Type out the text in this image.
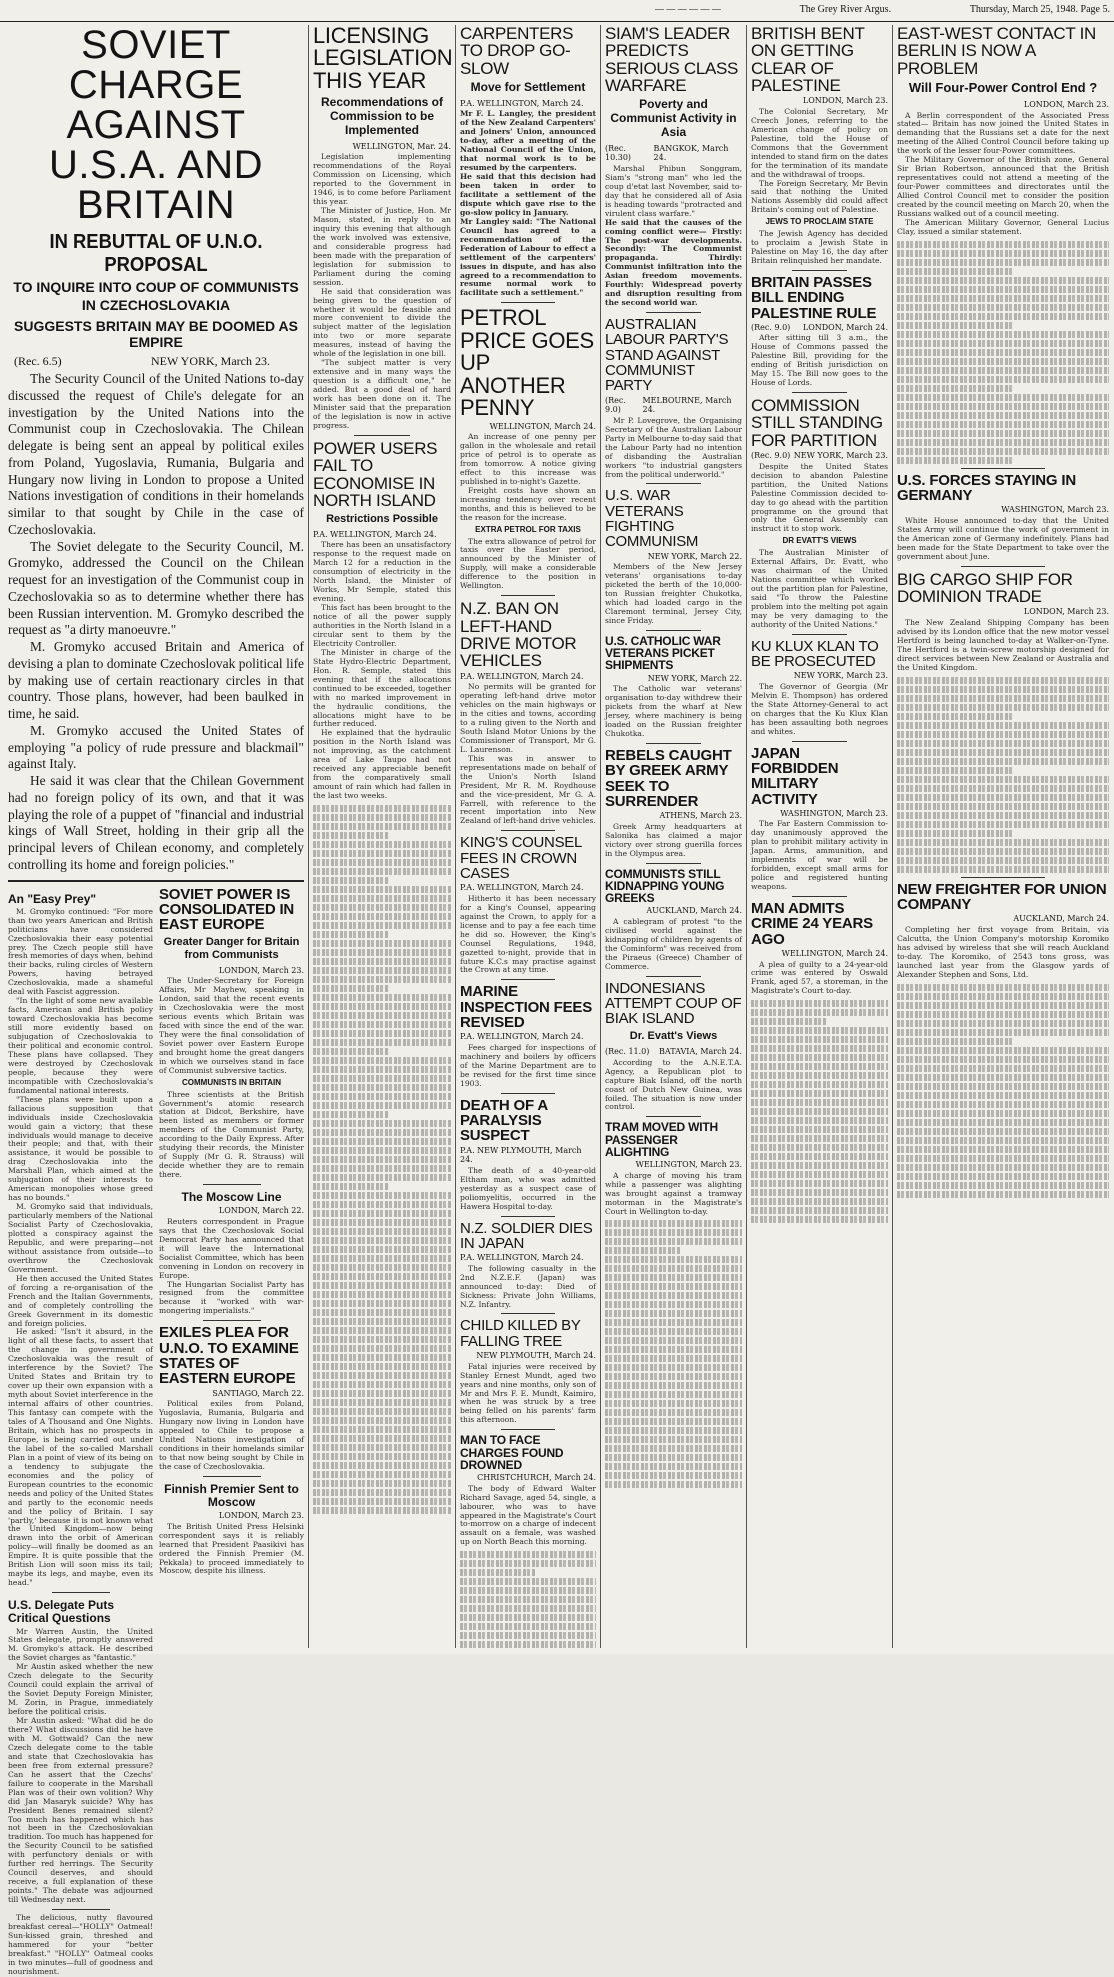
— — — — — —	The Grey River Argus.	Thursday, March 25, 1948. Page 5.
SOVIET CHARGE AGAINST U.S.A. AND BRITAIN
IN REBUTTAL OF U.N.O. PROPOSAL
TO INQUIRE INTO COUP OF COMMUNISTS IN CZECHOSLOVAKIA
SUGGESTS BRITAIN MAY BE DOOMED AS EMPIRE
(Rec. 6.5)	NEW YORK, March 23.

The Security Council of the United Nations to-day discussed the request of Chile's delegate for an investigation by the United Nations into the Communist coup in Czechoslovakia. The Chilean delegate is being sent an appeal by political exiles from Poland, Yugoslavia, Rumania, Bulgaria and Hungary now living in London to propose a United Nations investigation of conditions in their homelands similar to that sought by Chile in the case of Czechoslovakia.

The Soviet delegate to the Security Council, M. Gromyko, addressed the Council on the Chilean request for an investigation of the Communist coup in Czechoslovakia so as to determine whether there has been Russian intervention. M. Gromyko described the request as "a dirty manoeuvre."

M. Gromyko accused Britain and America of devising a plan to dominate Czechoslovak political life by making use of certain reactionary circles in that country. Those plans, however, had been baulked in time, he said.

M. Gromyko accused the United States of employing "a policy of rude pressure and blackmail" against Italy.

He said it was clear that the Chilean Government had no foreign policy of its own, and that it was playing the role of a puppet of "financial and industrial kings of Wall Street, holding in their grip all the principal levers of Chilean economy, and completely controlling its home and foreign policies."

An "Easy Prey"

M. Gromyko continued: "For more than two years American and British politicians have considered Czechoslovakia their easy potential prey. The Czech people still have fresh memories of days when, behind their backs, ruling circles of Western Powers, having betrayed Czechoslovakia, made a shameful deal with Fascist aggression.

"In the light of some new available facts, American and British policy toward Czechoslovakia has become still more evidently based on subjugation of Czechoslovakia to their political and economic control. These plans have collapsed. They were destroyed by Czechoslovak people, because they were incompatible with Czechoslovakia's fundamental national interests.

"These plans were built upon a fallacious supposition that individuals inside Czechoslovakia would gain a victory; that these individuals would manage to deceive their people; and that, with their assistance, it would be possible to drag Czechoslovakia into the Marshall Plan, which aimed at the subjugation of their interests to American monopolies whose greed has no bounds."

M. Gromyko said that individuals, particularly members of the National Socialist Party of Czechoslovakia, plotted a conspiracy against the Republic, and were preparing—not without assistance from outside—to overthrow the Czechoslovak Government.

He then accused the United States of forcing a re-organisation of the French and the Italian Governments, and of completely controlling the Greek Government in its domestic and foreign policies.

He asked: "Isn't it absurd, in the light of all these facts, to assert that the change in government of Czechoslovakia was the result of interference by the Soviet? The United States and Britain try to cover up their own expansion with a myth about Soviet interference in the internal affairs of other countries. This fantasy can compete with the tales of A Thousand and One Nights. Britain, which has no prospects in Europe, is being carried out under the label of the so-called Marshall Plan in a point of view of its being on a tendency to subjugate the economies and the policy of European countries to the economic needs and policy of the United States and partly to the economic needs and the policy of Britain. I say 'partly,' because it is not known what the United Kingdom—now being drawn into the orbit of American policy—will finally be doomed as an Empire. It is quite possible that the British Lion will soon miss its tail; maybe its legs, and maybe, even its head."

U.S. Delegate Puts Critical Questions

Mr Warren Austin, the United States delegate, promptly answered M. Gromyko's attack. He described the Soviet charges as "fantastic."

Mr Austin asked whether the new Czech delegate to the Security Council could explain the arrival of the Soviet Deputy Foreign Minister, M. Zorin, in Prague, immediately before the political crisis.

Mr Austin asked: "What did he do there? What discussions did he have with M. Gottwald? Can the new Czech delegate come to the table and state that Czechoslovakia has been free from external pressure? Can he assert that the Czechs' failure to cooperate in the Marshall Plan was of their own volition? Why did Jan Masaryk suicide? Why has President Benes remained silent? Too much has happened which has not been in the Czechoslovakian tradition. Too much has happened for the Security Council to be satisfied with perfunctory denials or with further red herrings. The Security Council deserves, and should receive, a full explanation of these points." The debate was adjourned till Wednesday next.

The delicious, nutty flavoured breakfast cereal—"HOLLY" Oatmeal! Sun-kissed grain, threshed and hammered for your "better breakfast." "HOLLY" Oatmeal cooks in two minutes—full of goodness and nourishment.

SOVIET POWER IS CONSOLIDATED IN EAST EUROPE
Greater Danger for Britain from Communists
LONDON, March 23.

The Under-Secretary for Foreign Affairs, Mr Mayhew, speaking in London, said that the recent events in Czechoslovakia were the most serious events which Britain was faced with since the end of the war. They were the final consolidation of Soviet power over Eastern Europe and brought home the great dangers in which we ourselves stand in face of Communist subversive tactics.

COMMUNISTS IN BRITAIN

Three scientists at the British Government's atomic research station at Didcot, Berkshire, have been listed as members or former members of the Communist Party, according to the Daily Express. After studying their records, the Minister of Supply (Mr G. R. Strauss) will decide whether they are to remain there.

The Moscow Line
LONDON, March 22.

Reuters correspondent in Prague says that the Czechoslovak Social Democrat Party has announced that it will leave the International Socialist Committee, which has been convening in London on recovery in Europe.

The Hungarian Socialist Party has resigned from the committee because it "worked with war-mongering imperialists."

EXILES PLEA FOR U.N.O. TO EXAMINE STATES OF EASTERN EUROPE
SANTIAGO, March 22.

Political exiles from Poland, Yugoslavia, Rumania, Bulgaria and Hungary now living in London have appealed to Chile to propose a United Nations investigation of conditions in their homelands similar to that now being sought by Chile in the case of Czechoslovakia.

Finnish Premier Sent to Moscow
LONDON, March 23.

The British United Press Helsinki correspondent says it is reliably learned that President Paasikivi has ordered the Finnish Premier (M. Pekkala) to proceed immediately to Moscow, despite his illness.

LICENSING LEGISLATION THIS YEAR
Recommendations of Commission to be Implemented
WELLINGTON, Mar. 24.

Legislation implementing recommendations of the Royal Commission on Licensing, which reported to the Government in 1946, is to come before Parliament this year.

The Minister of Justice, Hon. Mr Mason, stated, in reply to an inquiry this evening that although the work involved was extensive, and considerable progress had been made with the preparation of legislation for submission to Parliament during the coming session.

He said that consideration was being given to the question of whether it would be feasible and more convenient to divide the subject matter of the legislation into two or more separate measures, instead of having the whole of the legislation in one bill.

"The subject matter is very extensive and in many ways the question is a difficult one," he added. But a good deal of hard work has been done on it. The Minister said that the preparation of the legislation is now in active progress.

POWER USERS FAIL TO ECONOMISE IN NORTH ISLAND
Restrictions Possible
P.A. WELLINGTON, March 24.

There has been an unsatisfactory response to the request made on March 12 for a reduction in the consumption of electricity in the North Island, the Minister of Works, Mr Semple, stated this evening.

This fact has been brought to the notice of all the power supply authorities in the North Island in a circular sent to them by the Electricity Controller.

The Minister in charge of the State Hydro-Electric Department, Hon. R. Semple, stated this evening that if the allocations continued to be exceeded, together with no marked improvement in the hydraulic conditions, the allocations might have to be further reduced.

He explained that the hydraulic position in the North Island was not improving, as the catchment area of Lake Taupo had not received any appreciable benefit from the comparatively small amount of rain which had fallen in the last two weeks.

CARPENTERS TO DROP GO-SLOW
Move for Settlement
P.A. WELLINGTON, March 24.

Mr F. L. Langley, the president of the New Zealand Carpenters' and Joiners' Union, announced to-day, after a meeting of the National Council of the Union, that normal work is to be resumed by the carpenters.

He said that this decision had been taken in order to facilitate a settlement of the dispute which gave rise to the go-slow policy in January.

Mr Langley said: "The National Council has agreed to a recommendation of the Federation of Labour to effect a settlement of the carpenters' issues in dispute, and has also agreed to a recommendation to resume normal work to facilitate such a settlement."

PETROL PRICE GOES UP ANOTHER PENNY
WELLINGTON, March 24.

An increase of one penny per gallon in the wholesale and retail price of petrol is to operate as from tomorrow. A notice giving effect to this increase was published in to-night's Gazette.

Freight costs have shown an increasing tendency over recent months, and this is believed to be the reason for the increase.

EXTRA PETROL FOR TAXIS

The extra allowance of petrol for taxis over the Easter period, announced by the Minister of Supply, will make a considerable difference to the position in Wellington.

N.Z. BAN ON LEFT-HAND DRIVE MOTOR VEHICLES
P.A. WELLINGTON, March 24.

No permits will be granted for operating left-hand drive motor vehicles on the main highways or in the cities and towns, according to a ruling given to the North and South Island Motor Unions by the Commissioner of Transport, Mr G. L. Laurenson.

This was in answer to representations made on behalf of the Union's North Island President, Mr R. M. Roydhouse and the vice-president, Mr G. A. Farrell, with reference to the recent importation into New Zealand of left-hand drive vehicles.

KING'S COUNSEL FEES IN CROWN CASES
P.A. WELLINGTON, March 24.

Hitherto it has been necessary for a King's Counsel, appearing against the Crown, to apply for a license and to pay a fee each time he did so. However, the King's Counsel Regulations, 1948, gazetted to-night, provide that in future K.C.s may practise against the Crown at any time.

MARINE INSPECTION FEES REVISED
P.A. WELLINGTON, March 24.

Fees charged for inspections of machinery and boilers by officers of the Marine Department are to be revised for the first time since 1903.

DEATH OF A PARALYSIS SUSPECT
P.A. NEW PLYMOUTH, March 24.

The death of a 40-year-old Eltham man, who was admitted yesterday as a suspect case of poliomyelitis, occurred in the Hawera Hospital to-day.

N.Z. SOLDIER DIES IN JAPAN
P.A. WELLINGTON, March 24.

The following casualty in the 2nd N.Z.E.F. (Japan) was announced to-day: Died of Sickness: Private John Williams, N.Z. Infantry.

CHILD KILLED BY FALLING TREE
NEW PLYMOUTH, March 24.

Fatal injuries were received by Stanley Ernest Mundt, aged two years and nine months, only son of Mr and Mrs F. E. Mundt, Kaimiro, when he was struck by a tree being felled on his parents' farm this afternoon.

MAN TO FACE CHARGES FOUND DROWNED
CHRISTCHURCH, March 24.

The body of Edward Walter Richard Savage, aged 54, single, a labourer, who was to have appeared in the Magistrate's Court to-morrow on a charge of indecent assault on a female, was washed up on North Beach this morning.

SIAM'S LEADER PREDICTS SERIOUS CLASS WARFARE
Poverty and Communist Activity in Asia
(Rec. 10.30)
BANGKOK, March 24.

Marshal Phibun Songgram, Siam's "strong man" who led the coup d'etat last November, said to-day that he considered all of Asia is heading towards "protracted and virulent class warfare."

He said that the causes of the coming conflict were— Firstly: The post-war developments. Secondly: The Communist propaganda. Thirdly: Communist infiltration into the Asian freedom movements. Fourthly: Widespread poverty and disruption resulting from the second world war.

AUSTRALIAN LABOUR PARTY'S STAND AGAINST COMMUNIST PARTY
(Rec. 9.0)
MELBOURNE, March 24.

Mr P. Lovegrove, the Organising Secretary of the Australian Labour Party in Melbourne to-day said that the Labour Party had no intention of disbanding the Australian workers "to industrial gangsters from the political underworld."

U.S. WAR VETERANS FIGHTING COMMUNISM
NEW YORK, March 22.

Members of the New Jersey veterans' organisations to-day picketed the berth of the 10,000-ton Russian freighter Chukotka, which had loaded cargo in the Claremont terminal, Jersey City, since Friday.

U.S. CATHOLIC WAR VETERANS PICKET SHIPMENTS
NEW YORK, March 22.

The Catholic war veterans' organisation to-day withdrew their pickets from the wharf at New Jersey, where machinery is being loaded on the Russian freighter Chukotka.

REBELS CAUGHT BY GREEK ARMY SEEK TO SURRENDER
ATHENS, March 23.

Greek Army headquarters at Salonika has claimed a major victory over strong guerilla forces in the Olympus area.

COMMUNISTS STILL KIDNAPPING YOUNG GREEKS
AUCKLAND, March 24.

A cablegram of protest "to the civilised world against the kidnapping of children by agents of the Cominform" was received from the Piraeus (Greece) Chamber of Commerce.

INDONESIANS ATTEMPT COUP OF BIAK ISLAND
Dr. Evatt's Views
(Rec. 11.0) BATAVIA, March 24.

According to the A.N.E.T.A. Agency, a Republican plot to capture Biak Island, off the north coast of Dutch New Guinea, was foiled. The situation is now under control.

TRAM MOVED WITH PASSENGER ALIGHTING
WELLINGTON, March 23.

A charge of moving his tram while a passenger was alighting was brought against a tramway motorman in the Magistrate's Court in Wellington to-day.

BRITISH BENT ON GETTING CLEAR OF PALESTINE
LONDON, March 23.

The Colonial Secretary, Mr Creech Jones, referring to the American change of policy on Palestine, told the House of Commons that the Government intended to stand firm on the dates for the termination of its mandate and the withdrawal of troops.

The Foreign Secretary, Mr Bevin said that nothing the United Nations Assembly did could affect Britain's coming out of Palestine.

JEWS TO PROCLAIM STATE

The Jewish Agency has decided to proclaim a Jewish State in Palestine on May 16, the day after Britain relinquished her mandate.

BRITAIN PASSES BILL ENDING PALESTINE RULE
(Rec. 9.0) LONDON, March 24.

After sitting till 3 a.m., the House of Commons passed the Palestine Bill, providing for the ending of British jurisdiction on May 15. The Bill now goes to the House of Lords.

COMMISSION STILL STANDING FOR PARTITION
(Rec. 9.0) NEW YORK, March 23.

Despite the United States decision to abandon Palestine partition, the United Nations Palestine Commission decided to-day to go ahead with the partition programme on the ground that only the General Assembly can instruct it to stop work.

DR EVATT'S VIEWS

The Australian Minister of External Affairs, Dr. Evatt, who was chairman of the United Nations committee which worked out the partition plan for Palestine, said "To throw the Palestine problem into the melting pot again may be very damaging to the authority of the United Nations."

KU KLUX KLAN TO BE PROSECUTED
NEW YORK, March 23.

The Governor of Georgia (Mr Melvin E. Thompson) has ordered the State Attorney-General to act on charges that the Ku Klux Klan has been assaulting both negroes and whites.

JAPAN FORBIDDEN MILITARY ACTIVITY
WASHINGTON, March 23.

The Far Eastern Commission to-day unanimously approved the plan to prohibit military activity in Japan. Arms, ammunition, and implements of war will be forbidden, except small arms for police and registered hunting weapons.

MAN ADMITS CRIME 24 YEARS AGO
WELLINGTON, March 24.

A plea of guilty to a 24-year-old crime was entered by Oswald Frank, aged 57, a storeman, in the Magistrate's Court to-day.

EAST-WEST CONTACT IN BERLIN IS NOW A PROBLEM
Will Four-Power Control End ?
LONDON, March 23.

A Berlin correspondent of the Associated Press stated— Britain has now joined the United States in demanding that the Russians set a date for the next meeting of the Allied Control Council before taking up the work of the lesser four-Power committees.

The Military Governor of the British zone, General Sir Brian Robertson, announced that the British representatives could not attend a meeting of the four-Power committees and directorates until the Allied Control Council met to consider the position created by the council meeting on March 20, when the Russians walked out of a council meeting.

The American Military Governor, General Lucius Clay, issued a similar statement.

U.S. FORCES STAYING IN GERMANY
WASHINGTON, March 23.

White House announced to-day that the United States Army will continue the work of government in the American zone of Germany indefinitely. Plans had been made for the State Department to take over the government about June.

BIG CARGO SHIP FOR DOMINION TRADE
LONDON, March 23.

The New Zealand Shipping Company has been advised by its London office that the new motor vessel Hertford is being launched to-day at Walker-on-Tyne. The Hertford is a twin-screw motorship designed for direct services between New Zealand or Australia and the United Kingdom.

NEW FREIGHTER FOR UNION COMPANY
AUCKLAND, March 24.

Completing her first voyage from Britain, via Calcutta, the Union Company's motorship Koromiko has advised by wireless that she will reach Auckland to-day. The Koromiko, of 2543 tons gross, was launched last year from the Glasgow yards of Alexander Stephen and Sons, Ltd.
